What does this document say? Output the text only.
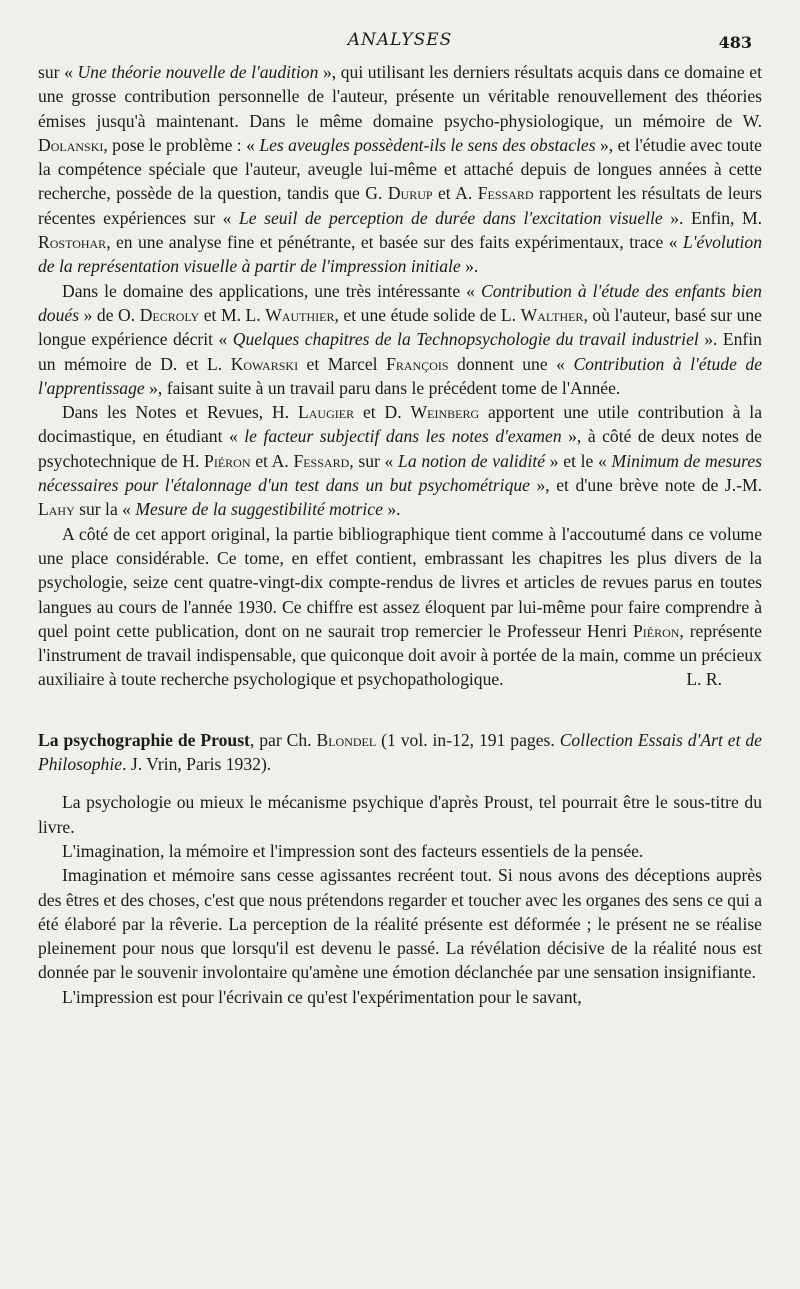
ANALYSES	483

sur « Une théorie nouvelle de l'audition », qui utilisant les derniers résultats acquis dans ce domaine et une grosse contribution personnelle de l'auteur, présente un véritable renouvellement des théories émises jusqu'à maintenant. Dans le même domaine psycho-physiologique, un mémoire de W. Dolanski, pose le problème : « Les aveugles possèdent-ils le sens des obstacles », et l'étudie avec toute la compétence spéciale que l'auteur, aveugle lui-même et attaché depuis de longues années à cette recherche, possède de la question, tandis que G. Durup et A. Fessard rapportent les résultats de leurs récentes expériences sur « Le seuil de perception de durée dans l'excitation visuelle ». Enfin, M. Rostohar, en une analyse fine et pénétrante, et basée sur des faits expérimentaux, trace « L'évolution de la représentation visuelle à partir de l'impression initiale ».

Dans le domaine des applications, une très intéressante « Contribution à l'étude des enfants bien doués » de O. Decroly et M. L. Wauthier, et une étude solide de L. Walther, où l'auteur, basé sur une longue expérience décrit « Quelques chapitres de la Technopsychologie du travail industriel ». Enfin un mémoire de D. et L. Kowarski et Marcel François donnent une « Contribution à l'étude de l'apprentissage », faisant suite à un travail paru dans le précédent tome de l'Année.

Dans les Notes et Revues, H. Laugier et D. Weinberg apportent une utile contribution à la docimastique, en étudiant « le facteur subjectif dans les notes d'examen », à côté de deux notes de psychotechnique de H. Piéron et A. Fessard, sur « La notion de validité » et le « Minimum de mesures nécessaires pour l'étalonnage d'un test dans un but psychométrique », et d'une brève note de J.-M. Lahy sur la « Mesure de la suggestibilité motrice ».

A côté de cet apport original, la partie bibliographique tient comme à l'accoutumé dans ce volume une place considérable. Ce tome, en effet contient, embrassant les chapitres les plus divers de la psychologie, seize cent quatre-vingt-dix compte-rendus de livres et articles de revues parus en toutes langues au cours de l'année 1930. Ce chiffre est assez éloquent par lui-même pour faire comprendre à quel point cette publication, dont on ne saurait trop remercier le Professeur Henri Piéron, représente l'instrument de travail indispensable, que quiconque doit avoir à portée de la main, comme un précieux auxiliaire à toute recherche psychologique et psychopathologique.	L. R.
La psychographie de Proust, par Ch. Blondel (1 vol. in-12, 191 pages. Collection Essais d'Art et de Philosophie. J. Vrin, Paris 1932).

La psychologie ou mieux le mécanisme psychique d'après Proust, tel pourrait être le sous-titre du livre.

L'imagination, la mémoire et l'impression sont des facteurs essentiels de la pensée.

Imagination et mémoire sans cesse agissantes recréent tout. Si nous avons des déceptions auprès des êtres et des choses, c'est que nous prétendons regarder et toucher avec les organes des sens ce qui a été élaboré par la rêverie. La perception de la réalité présente est déformée ; le présent ne se réalise pleinement pour nous que lorsqu'il est devenu le passé. La révélation décisive de la réalité nous est donnée par le souvenir involontaire qu'amène une émotion déclanchée par une sensation insignifiante.

L'impression est pour l'écrivain ce qu'est l'expérimentation pour le savant,
